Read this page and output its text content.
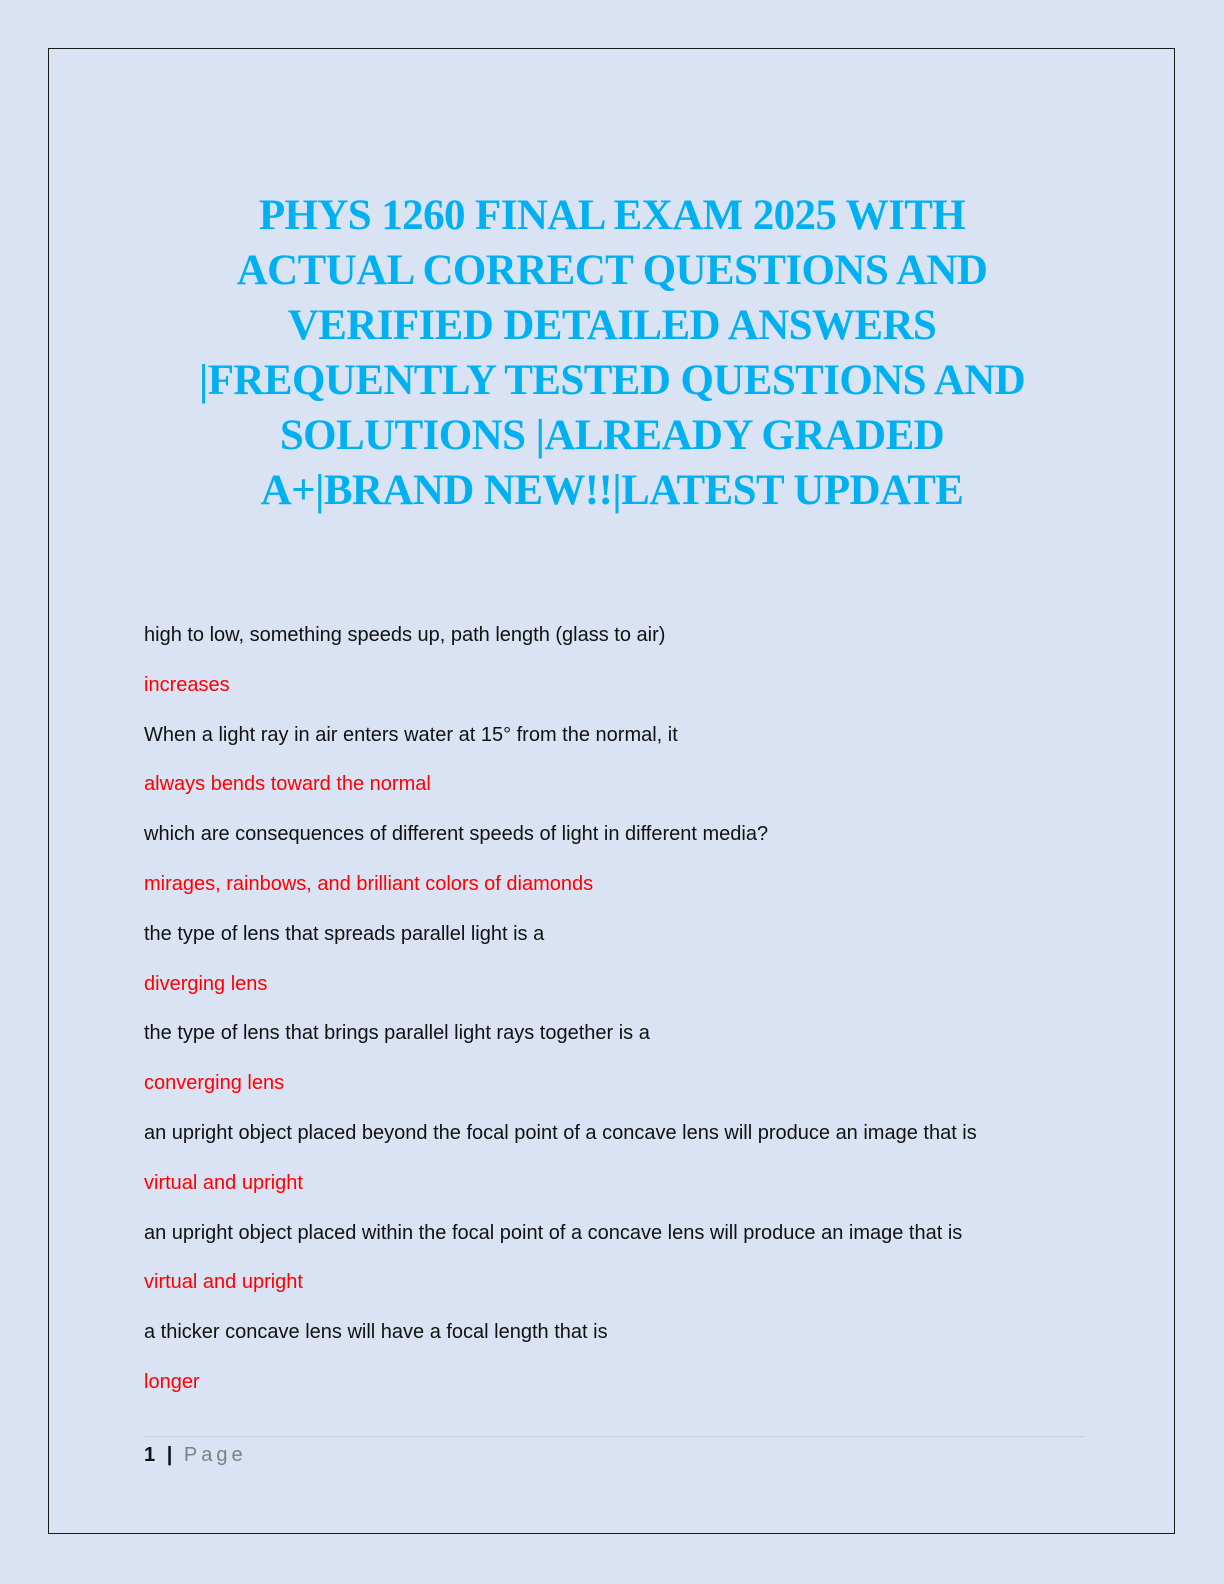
PHYS 1260 FINAL EXAM 2025 WITH
ACTUAL CORRECT QUESTIONS AND
VERIFIED DETAILED ANSWERS
|FREQUENTLY TESTED QUESTIONS AND
SOLUTIONS |ALREADY GRADED
A+|BRAND NEW!!|LATEST UPDATE
high to low, something speeds up, path length (glass to air)
increases
When a light ray in air enters water at 15° from the normal, it
always bends toward the normal
which are consequences of different speeds of light in different media?
mirages, rainbows, and brilliant colors of diamonds
the type of lens that spreads parallel light is a
diverging lens
the type of lens that brings parallel light rays together is a
converging lens
an upright object placed beyond the focal point of a concave lens will produce an image that is
virtual and upright
an upright object placed within the focal point of a concave lens will produce an image that is
virtual and upright
a thicker concave lens will have a focal length that is
longer
1 | Page
